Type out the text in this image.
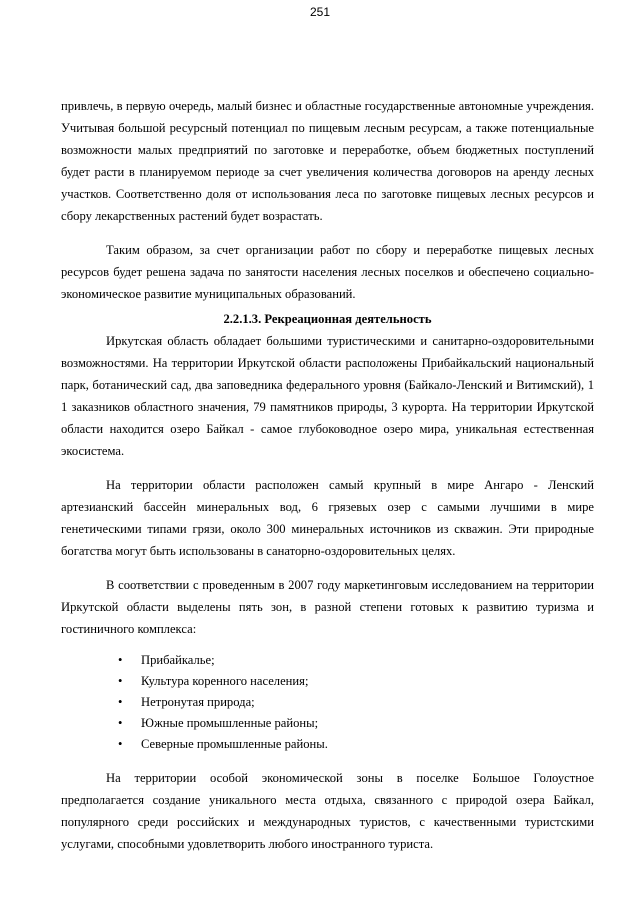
251

привлечь, в первую очередь, малый бизнес и областные государственные автономные учреждения. Учитывая большой ресурсный потенциал по пищевым лесным ресурсам, а также потенциальные возможности малых предприятий по заготовке и переработке, объем бюджетных поступлений будет расти в планируемом периоде за счет увеличения количества договоров на аренду лесных участков. Соответственно доля от использования леса по заготовке пищевых лесных ресурсов и сбору лекарственных растений будет возрастать.

Таким образом, за счет организации работ по сбору и переработке пищевых лесных ресурсов будет решена задача по занятости населения лесных поселков и обеспечено социально-экономическое развитие муниципальных образований.

2.2.1.3. Рекреационная деятельность

Иркутская область обладает большими туристическими и санитарно-оздоровительными возможностями. На территории Иркутской области расположены Прибайкальский национальный парк, ботанический сад, два заповедника федерального уровня (Байкало-Ленский и Витимский), 1 1 заказников областного значения, 79 памятников природы, 3 курорта. На территории Иркутской области находится озеро Байкал - самое глубоководное озеро мира, уникальная естественная экосистема.

На территории области расположен самый крупный в мире Ангаро - Ленский артезианский бассейн минеральных вод, 6 грязевых озер с самыми лучшими в мире генетическими типами грязи, около 300 минеральных источников из скважин. Эти природные богатства могут быть использованы в санаторно-оздоровительных целях.

В соответствии с проведенным в 2007 году маркетинговым исследованием на территории Иркутской области выделены пять зон, в разной степени готовых к развитию туризма и гостиничного комплекса:

• Прибайкалье;
• Культура коренного населения;
• Нетронутая природа;
• Южные промышленные районы;
• Северные промышленные районы.

На территории особой экономической зоны в поселке Большое Голоустное предполагается создание уникального места отдыха, связанного с природой озера Байкал, популярного среди российских и международных туристов, с качественными туристскими услугами, способными удовлетворить любого иностранного туриста.
